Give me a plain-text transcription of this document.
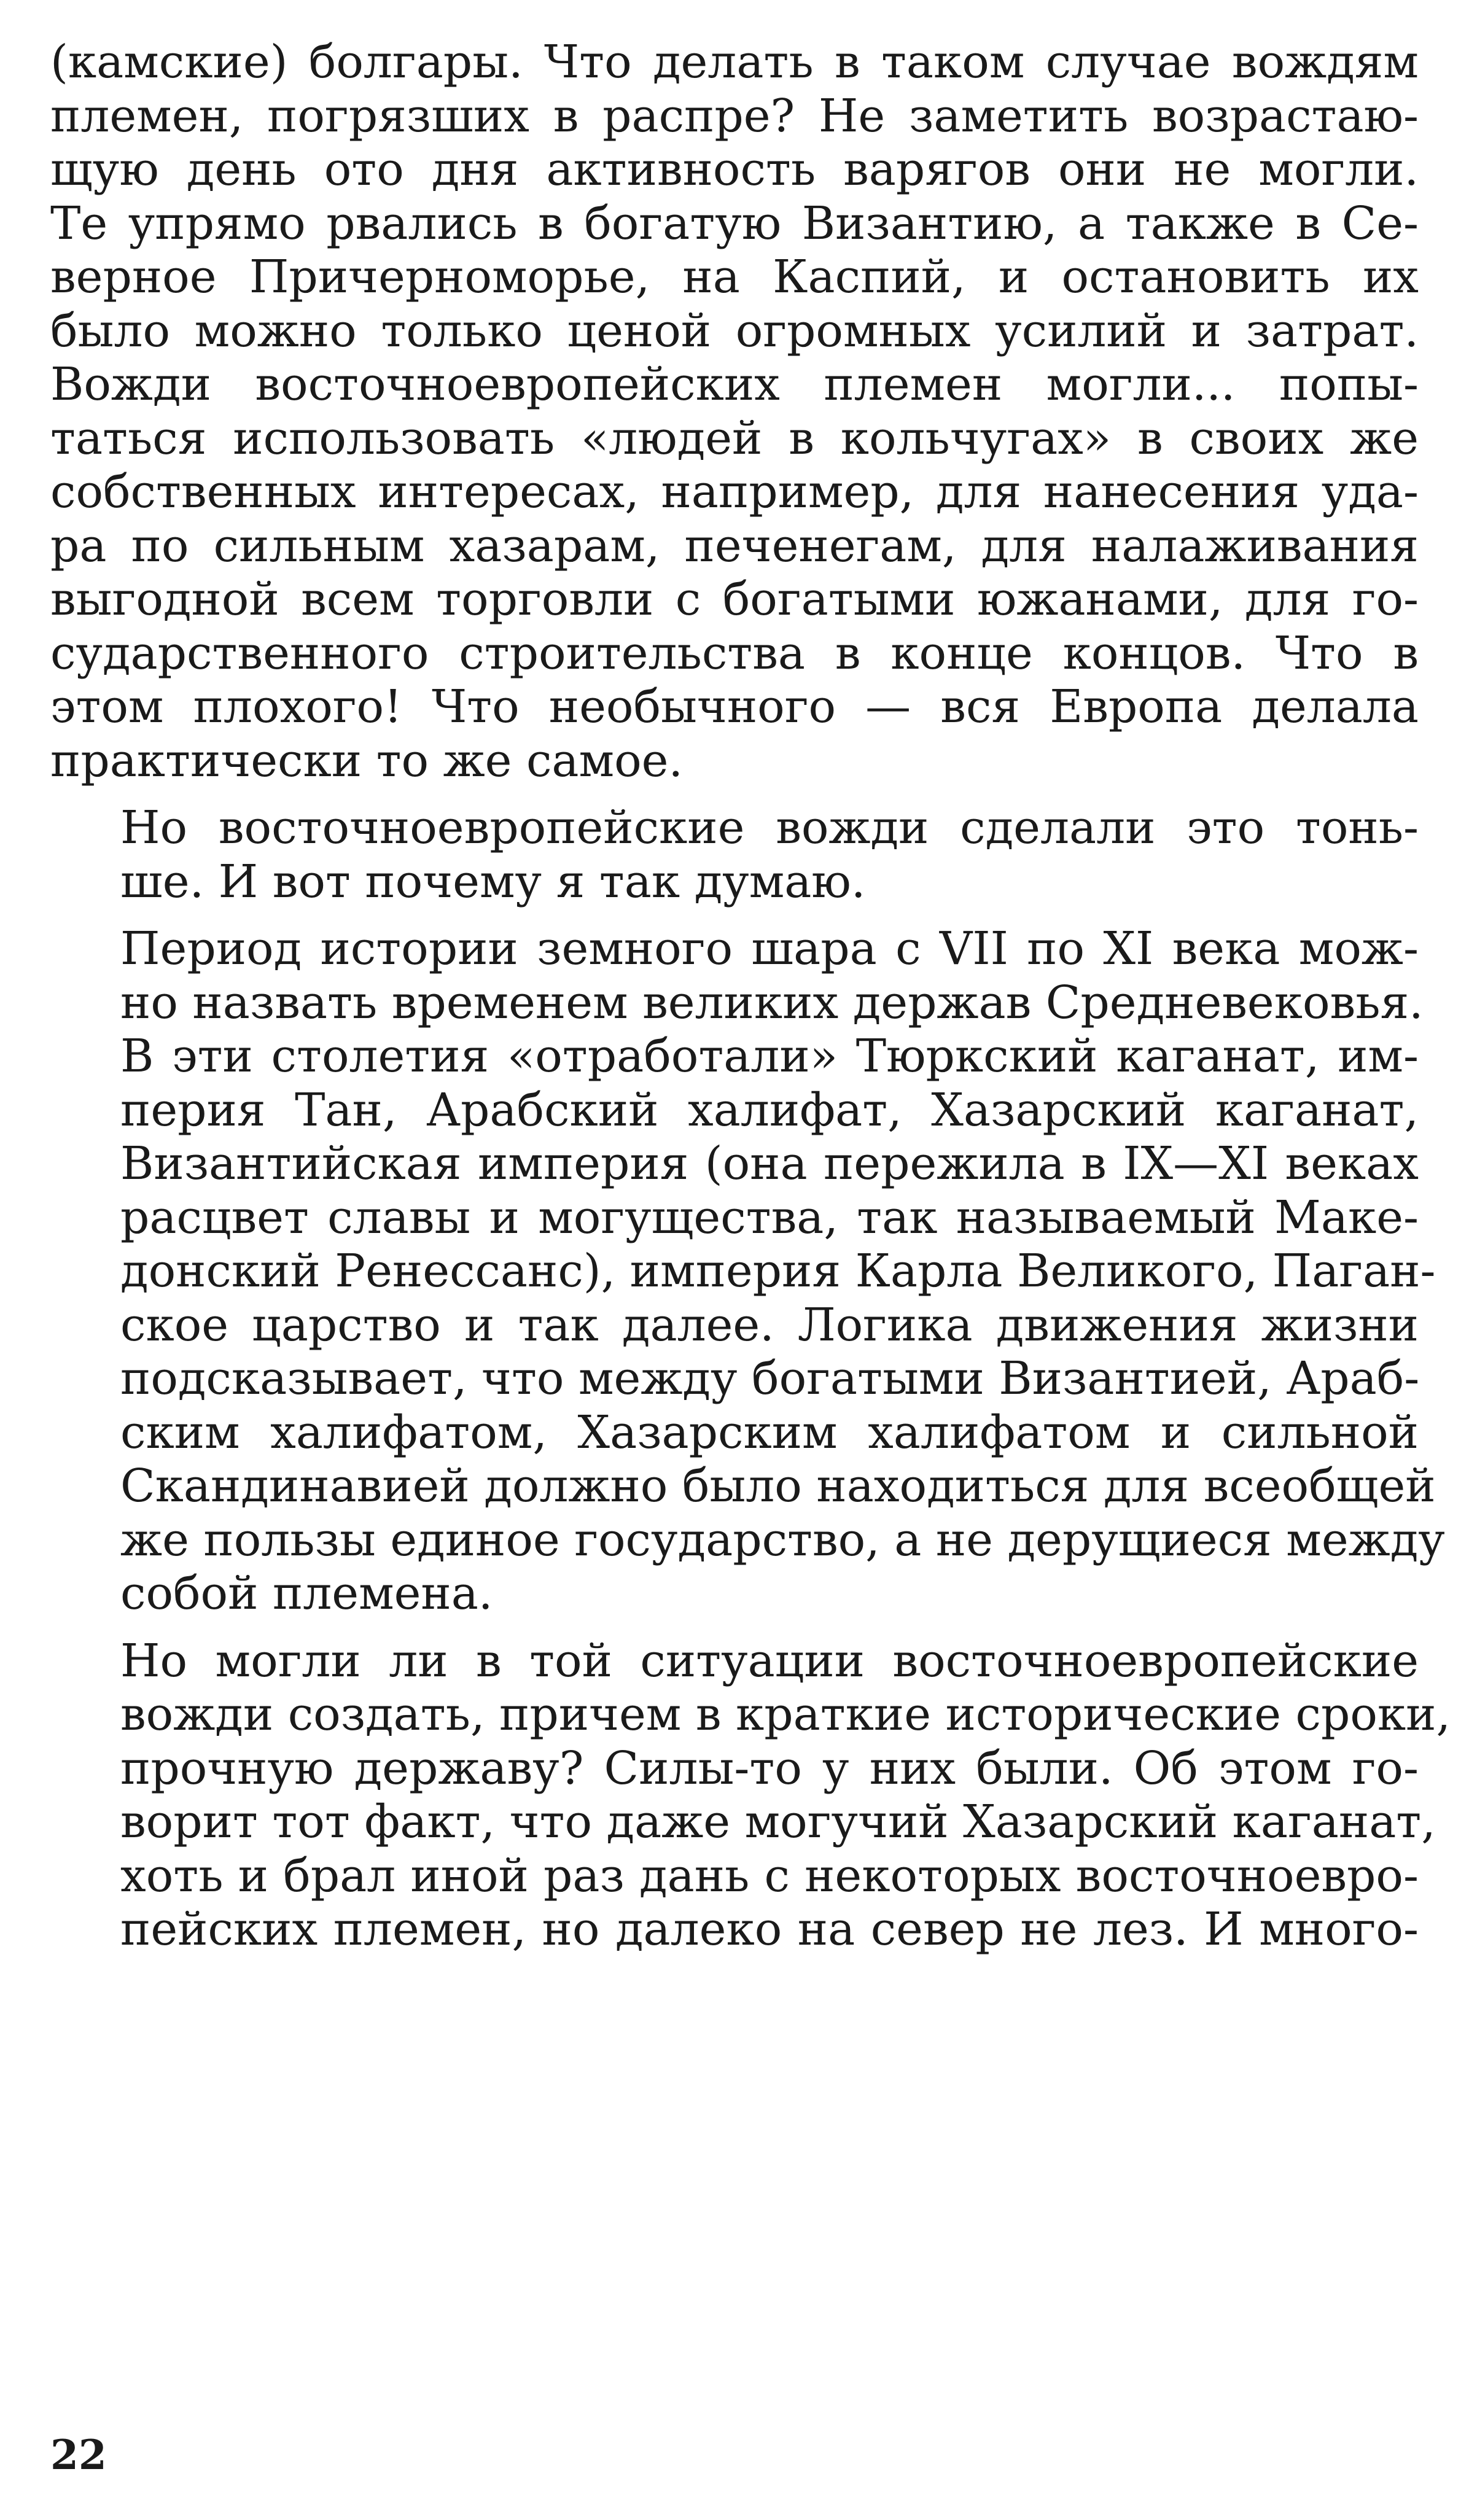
(камские) болгары. Что делать в таком случае вождям
племен, погрязших в распре? Не заметить возрастаю-
щую день ото дня активность варягов они не могли.
Те упрямо рвались в богатую Византию, а также в Се-
верное Причерноморье, на Каспий, и остановить их
было можно только ценой огромных усилий и затрат.
Вожди восточноевропейских племен могли... попы-
таться использовать «людей в кольчугах» в своих же
собственных интересах, например, для нанесения уда-
ра по сильным хазарам, печенегам, для налаживания
выгодной всем торговли с богатыми южанами, для го-
сударственного строительства в конце концов. Что в
этом плохого! Что необычного — вся Европа делала
практически то же самое.

Но восточноевропейские вожди сделали это тонь-
ше. И вот почему я так думаю.

Период истории земного шара с VII по XI века мож-
но назвать временем великих держав Средневековья.
В эти столетия «отработали» Тюркский каганат, им-
перия Тан, Арабский халифат, Хазарский каганат,
Византийская империя (она пережила в IX—XI веках
расцвет славы и могущества, так называемый Маке-
донский Ренессанс), империя Карла Великого, Паган-
ское царство и так далее. Логика движения жизни
подсказывает, что между богатыми Византией, Араб-
ским халифатом, Хазарским халифатом и сильной
Скандинавией должно было находиться для всеобщей
же пользы единое государство, а не дерущиеся между
собой племена.

Но могли ли в той ситуации восточноевропейские
вожди создать, причем в краткие исторические сроки,
прочную державу? Силы-то у них были. Об этом го-
ворит тот факт, что даже могучий Хазарский каганат,
хоть и брал иной раз дань с некоторых восточноевро-
пейских племен, но далеко на север не лез. И много-

22
